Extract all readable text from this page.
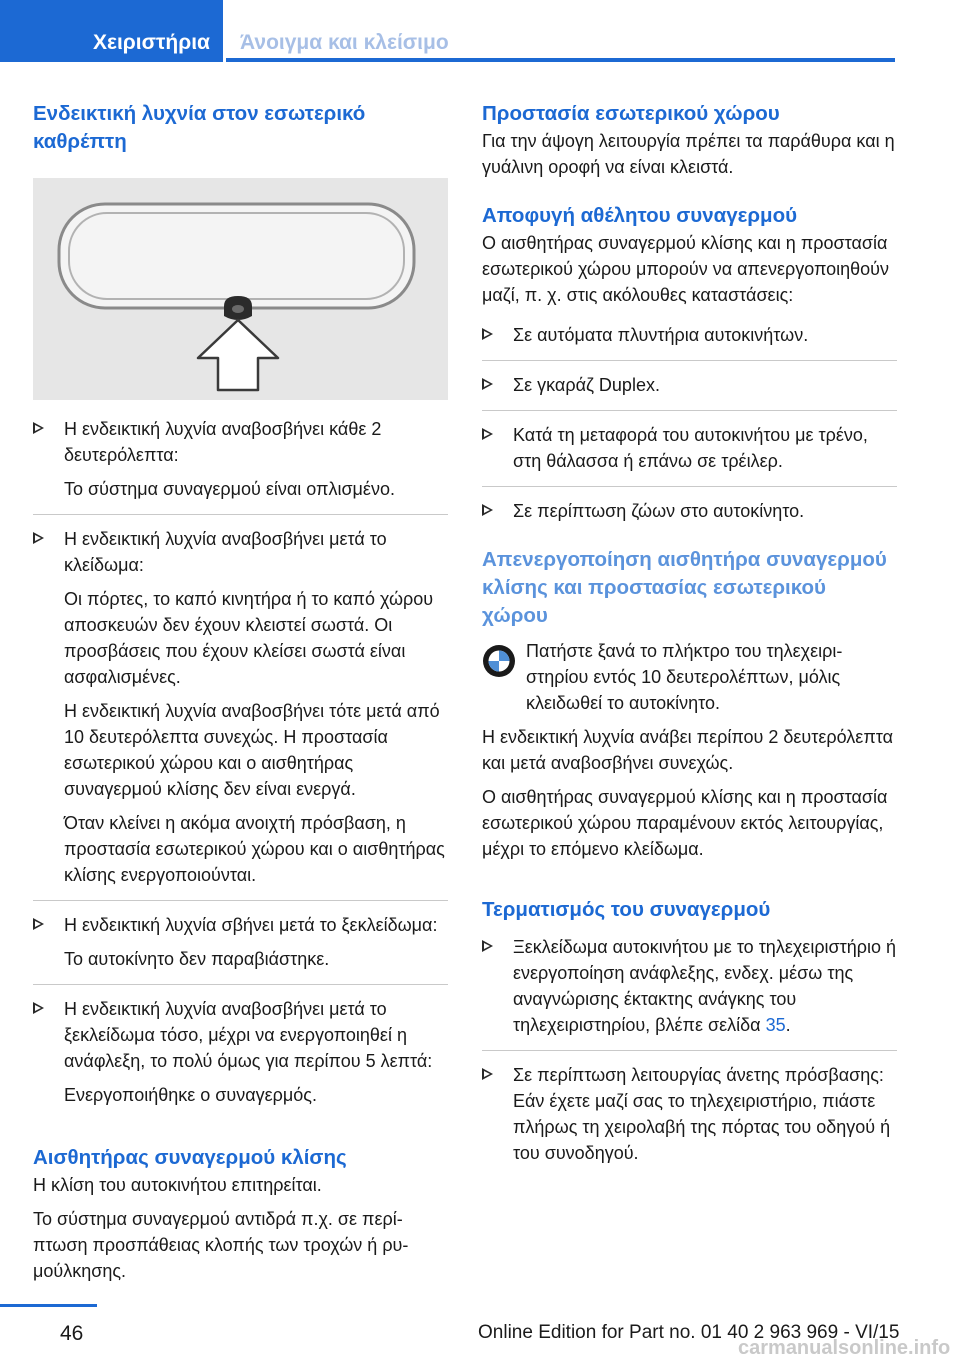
Χειριστήρια	Άνοιγμα και κλείσιμο
Ενδεικτική λυχνία στον εσωτερικό καθρέπτη

Η ενδεικτική λυχνία αναβοσβήνει κάθε 2 δευτερόλεπτα:

Το σύστημα συναγερμού είναι οπλισμένο.

Η ενδεικτική λυχνία αναβοσβήνει μετά το κλείδωμα:

Οι πόρτες, το καπό κινητήρα ή το καπό χώρου αποσκευών δεν έχουν κλειστεί σωστά. Οι προσβάσεις που έχουν κλείσει σωστά είναι ασφαλισμένες.

Η ενδεικτική λυχνία αναβοσβήνει τότε μετά από 10 δευτερόλεπτα συνεχώς. Η προστασία εσωτερικού χώρου και ο αισθητήρας συναγερμού κλίσης δεν είναι ενεργά.

Όταν κλείνει η ακόμα ανοιχτή πρόσβαση, η προστασία εσωτερικού χώρου και ο αισθητήρας κλίσης ενεργοποιούνται.

Η ενδεικτική λυχνία σβήνει μετά το ξεκλείδωμα:

Το αυτοκίνητο δεν παραβιάστηκε.

Η ενδεικτική λυχνία αναβοσβήνει μετά το ξεκλείδωμα τόσο, μέχρι να ενεργοποιηθεί η ανάφλεξη, το πολύ όμως για περίπου 5 λεπτά:

Ενεργοποιήθηκε ο συναγερμός.

Αισθητήρας συναγερμού κλίσης

Η κλίση του αυτοκινήτου επιτηρείται.

Το σύστημα συναγερμού αντιδρά π.χ. σε περίπτωση προσπάθειας κλοπής των τροχών ή ρυμούλκησης.

Προστασία εσωτερικού χώρου

Για την άψογη λειτουργία πρέπει τα παράθυρα και η γυάλινη οροφή να είναι κλειστά.

Αποφυγή αθέλητου συναγερμού

Ο αισθητήρας συναγερμού κλίσης και η προστασία εσωτερικού χώρου μπορούν να απενεργοποιηθούν μαζί, π. χ. στις ακόλουθες καταστάσεις:

Σε αυτόματα πλυντήρια αυτοκινήτων.

Σε γκαράζ Duplex.

Κατά τη μεταφορά του αυτοκινήτου με τρένο, στη θάλασσα ή επάνω σε τρέιλερ.

Σε περίπτωση ζώων στο αυτοκίνητο.

Απενεργοποίηση αισθητήρα συναγερμού κλίσης και προστασίας εσωτερικού χώρου

Πατήστε ξανά το πλήκτρο του τηλεχειριστηρίου εντός 10 δευτερολέπτων, μόλις κλειδωθεί το αυτοκίνητο.

Η ενδεικτική λυχνία ανάβει περίπου 2 δευτερόλεπτα και μετά αναβοσβήνει συνεχώς.

Ο αισθητήρας συναγερμού κλίσης και η προστασία εσωτερικού χώρου παραμένουν εκτός λειτουργίας, μέχρι το επόμενο κλείδωμα.

Τερματισμός του συναγερμού

Ξεκλείδωμα αυτοκινήτου με το τηλεχειριστήριο ή ενεργοποίηση ανάφλεξης, ενδεχ. μέσω της αναγνώρισης έκτακτης ανάγκης του τηλεχειριστηρίου, βλέπε σελίδα 35.

Σε περίπτωση λειτουργίας άνετης πρόσβασης: Εάν έχετε μαζί σας το τηλεχειριστήριο, πιάστε πλήρως τη χειρολαβή της πόρτας του οδηγού ή του συνοδηγού.

46	Online Edition for Part no. 01 40 2 963 969 - VI/15
carmanualsonline.info
